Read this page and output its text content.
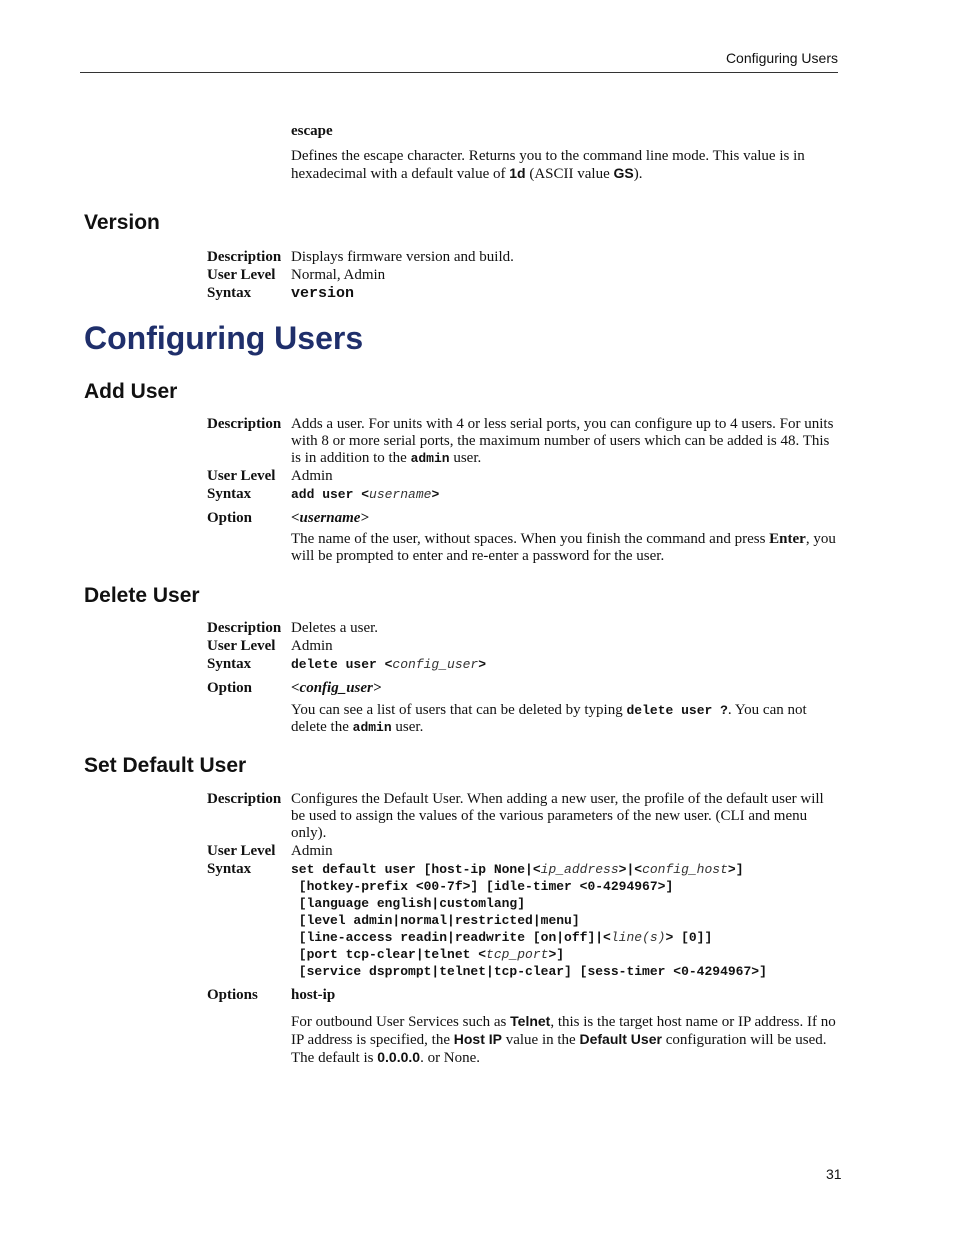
Configuring Users
escape
Defines the escape character. Returns you to the command line mode. This value is in hexadecimal with a default value of 1d (ASCII value GS).
Version
Description Displays firmware version and build.
User Level Normal, Admin
Syntax	version
Configuring Users
Add User
Description Adds a user. For units with 4 or less serial ports, you can configure up to 4 users. For units with 8 or more serial ports, the maximum number of users which can be added is 48. This is in addition to the admin user.
User Level Admin
Syntax	add user <username>
Option	<username>
The name of the user, without spaces. When you finish the command and press Enter, you will be prompted to enter and re-enter a password for the user.
Delete User
Description Deletes a user.
User Level Admin
Syntax	delete user <config_user>
Option	<config_user>
You can see a list of users that can be deleted by typing delete user ?. You can not delete the admin user.
Set Default User
Description Configures the Default User. When adding a new user, the profile of the default user will be used to assign the values of the various parameters of the new user. (CLI and menu only).
User Level Admin
Syntax	set default user [host-ip None|<ip_address>|<config_host>]
[hotkey-prefix <00-7f>] [idle-timer <0-4294967>]
[language english|customlang]
[level admin|normal|restricted|menu]
[line-access readin|readwrite [on|off]|<line(s)> [0]]
[port tcp-clear|telnet <tcp_port>]
[service dsprompt|telnet|tcp-clear] [sess-timer <0-4294967>]
Options host-ip
For outbound User Services such as Telnet, this is the target host name or IP address. If no IP address is specified, the Host IP value in the Default User configuration will be used. The default is 0.0.0.0. or None.
31
